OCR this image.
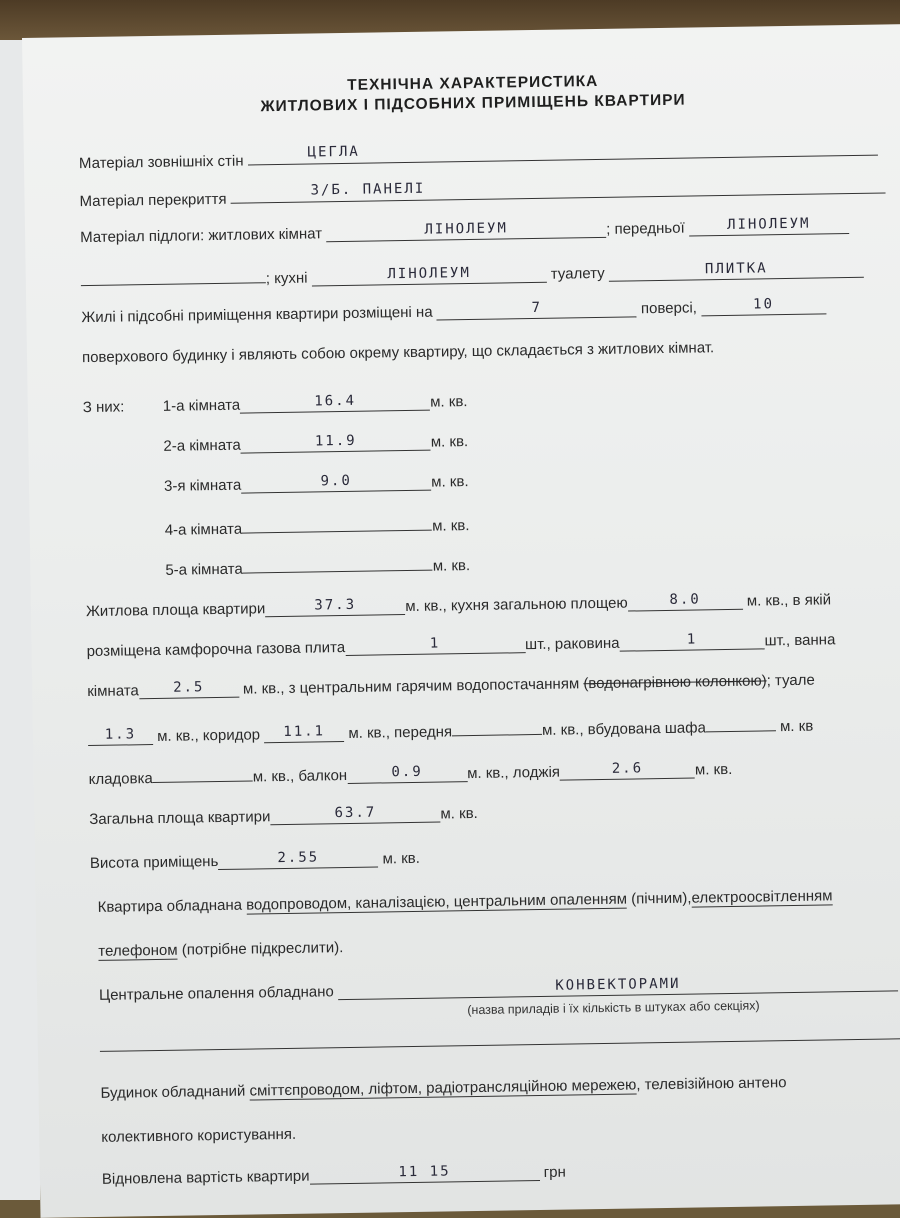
ТЕХНІЧНА ХАРАКТЕРИСТИКА
ЖИТЛОВИХ І ПІДСОБНИХ ПРИМІЩЕНЬ КВАРТИРИ
Матеріал зовнішніх стін
ЦЕГЛА
Матеріал перекриття
З/Б. ПАНЕЛІ
Матеріал підлоги: житлових кімнат	ЛІНОЛЕУМ	; передньої	ЛІНОЛЕУМ
; кухні	ЛІНОЛЕУМ	туалету	ПЛИТКА
Жилі і підсобні приміщення квартири розміщені на	7	поверсі,	10
поверхового будинку і являють собою окрему квартиру, що складається з житлових кімнат.
З них:	1-а кімната	16.4	м. кв.
2-а кімната	11.9	м. кв.
3-я кімната	9.0	м. кв.
4-а кімната	м. кв.
5-а кімната	м. кв.
Житлова площа квартири	37.3	м. кв., кухня загальною площею	8.0	м. кв., в якій
розміщена камфорочна газова плита	1	шт., раковина	1	шт., ванна
кімната 2.5	м. кв., з центральним гарячим водопостачанням (водонагрівною колонкою); туале
1.3 м. кв., коридор 11.1 м. кв., передня	м. кв., вбудована шафа	м. кв
кладовка	м. кв., балкон	0.9	м. кв., лоджія	2.6	м. кв.
Загальна площа квартири	63.7	м. кв.
Висота приміщень	2.55	м. кв.
Квартира обладнана водопроводом, каналізацією, центральним опаленням (пічним),електроосвітленням
телефоном (потрібне підкреслити).
Центральне опалення обладнано	КОНВЕКТОРАМИ
(назва приладів і їх кількість в штуках або секціях)
Будинок обладнаний сміттєпроводом, ліфтом, радіотрансляційною мережею, телевізійною антено
колективного користування.
Відновлена вартість квартири	11 15	грн
